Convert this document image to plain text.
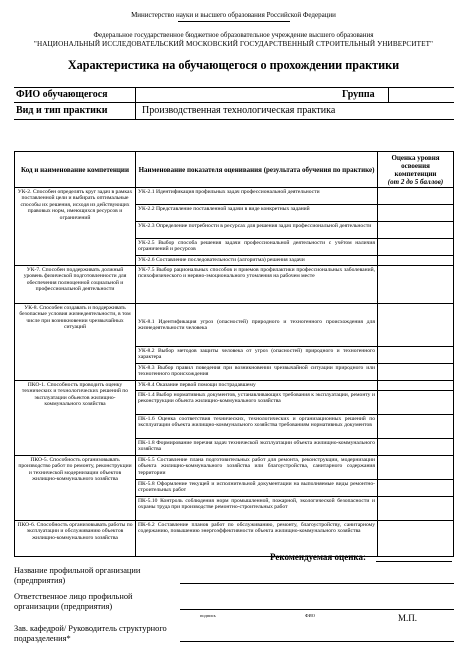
Министерство науки и высшего образования Российской Федерации
Федеральное государственное бюджетное образовательное учреждение высшего образования
"НАЦИОНАЛЬНЫЙ ИССЛЕДОВАТЕЛЬСКИЙ МОСКОВСКИЙ ГОСУДАРСТВЕННЫЙ СТРОИТЕЛЬНЫЙ УНИВЕРСИТЕТ"
Характеристика на обучающегося о прохождении практики
ФИО обучающегося	Группа
Вид и тип практики	Производственная технологическая практика
Код и наименование компетенции	Наименование показателя оценивания (результата обучения по практике)	Оценка уровня освоения компетенции
(от 2 до 5 баллов)
УК-2. Способен определять круг задач в рамках поставленной цели и выбирать оптимальные способы их решения, исходя из действующих правовых норм, имеющихся ресурсов и ограничений	УК-2.1 Идентификация профильных задач профессиональной деятельности	
	УК-2.2 Представление поставленной задачи в виде конкретных заданий	
	УК-2.3 Определение потребности в ресурсах для решения задач профессиональной деятельности	
	УК-2.5 Выбор способа решения задачи профессиональной деятельности с учётом наличия ограничений и ресурсов	
	УК-2.6 Составление последовательности (алгоритма) решения задачи	
УК-7. Способен поддерживать должный уровень физической подготовленности для обеспечения полноценной социальной и профессиональной деятельности	УК-7.5 Выбор рациональных способов и приемов профилактики профессиональных заболеваний, психофизического и нервно-эмоционального утомления на рабочем месте	
УК-8. Способен создавать и поддерживать безопасные условия жизнедеятельности, в том числе при возникновении чрезвычайных ситуаций	УК-8.1 Идентификация угроз (опасностей) природного и техногенного происхождения для жизнедеятельности человека	
	УК-8.2 Выбор методов защиты человека от угроз (опасностей) природного и техногенного характера	
	УК-8.3 Выбор правил поведения при возникновении чрезвычайной ситуации природного или техногенного происхождения	
ПКО-1. Способность проводить оценку технических и технологических решений по эксплуатации объектов жилищно-коммунального хозяйства	УК-8.4 Оказание первой помощи пострадавшему	
	ПК-1.4 Выбор нормативных документов, устанавливающих требования к эксплуатации, ремонту и реконструкции объекта жилищно-коммунального хозяйства	
	ПК-1.6 Оценка соответствия технических, технологических и организационных решений по эксплуатации объекта жилищно-коммунального хозяйства требованиям нормативных документов	
	ПК-1.8 Формирование перечня задач технической эксплуатации объекта жилищно-коммунального хозяйства	
ПКО-5. Способность организовывать производство работ по ремонту, реконструкции и технической модернизации объектов жилищно-коммунального хозяйства	ПК-5.5 Составление плана подготовительных работ для ремонта, реконструкции, модернизации объекта жилищно-коммунального хозяйства или благоустройства, санитарного содержания территории	
	ПК-5.8 Оформление текущей и исполнительной документации на выполняемые виды ремонтно-строительных работ	
	ПК-5.10 Контроль соблюдения норм промышленной, пожарной, экологической безопасности и охраны труда при производстве ремонтно-строительных работ	
ПКО-6. Способность организовывать работы по эксплуатации и обслуживанию объектов жилищно-коммунального хозяйства	ПК-6.2 Составление планов работ по обслуживанию, ремонту, благоустройству, санитарному содержанию, повышению энергоэффективности объекта жилищно-коммунального хозяйства	
Рекомендуемая оценка:
Название профильной организации (предприятия)
Ответственное лицо профильной организации (предприятия)
подпись	ФИО	М.П.
Зав. кафедрой/ Руководитель структурного подразделения*
